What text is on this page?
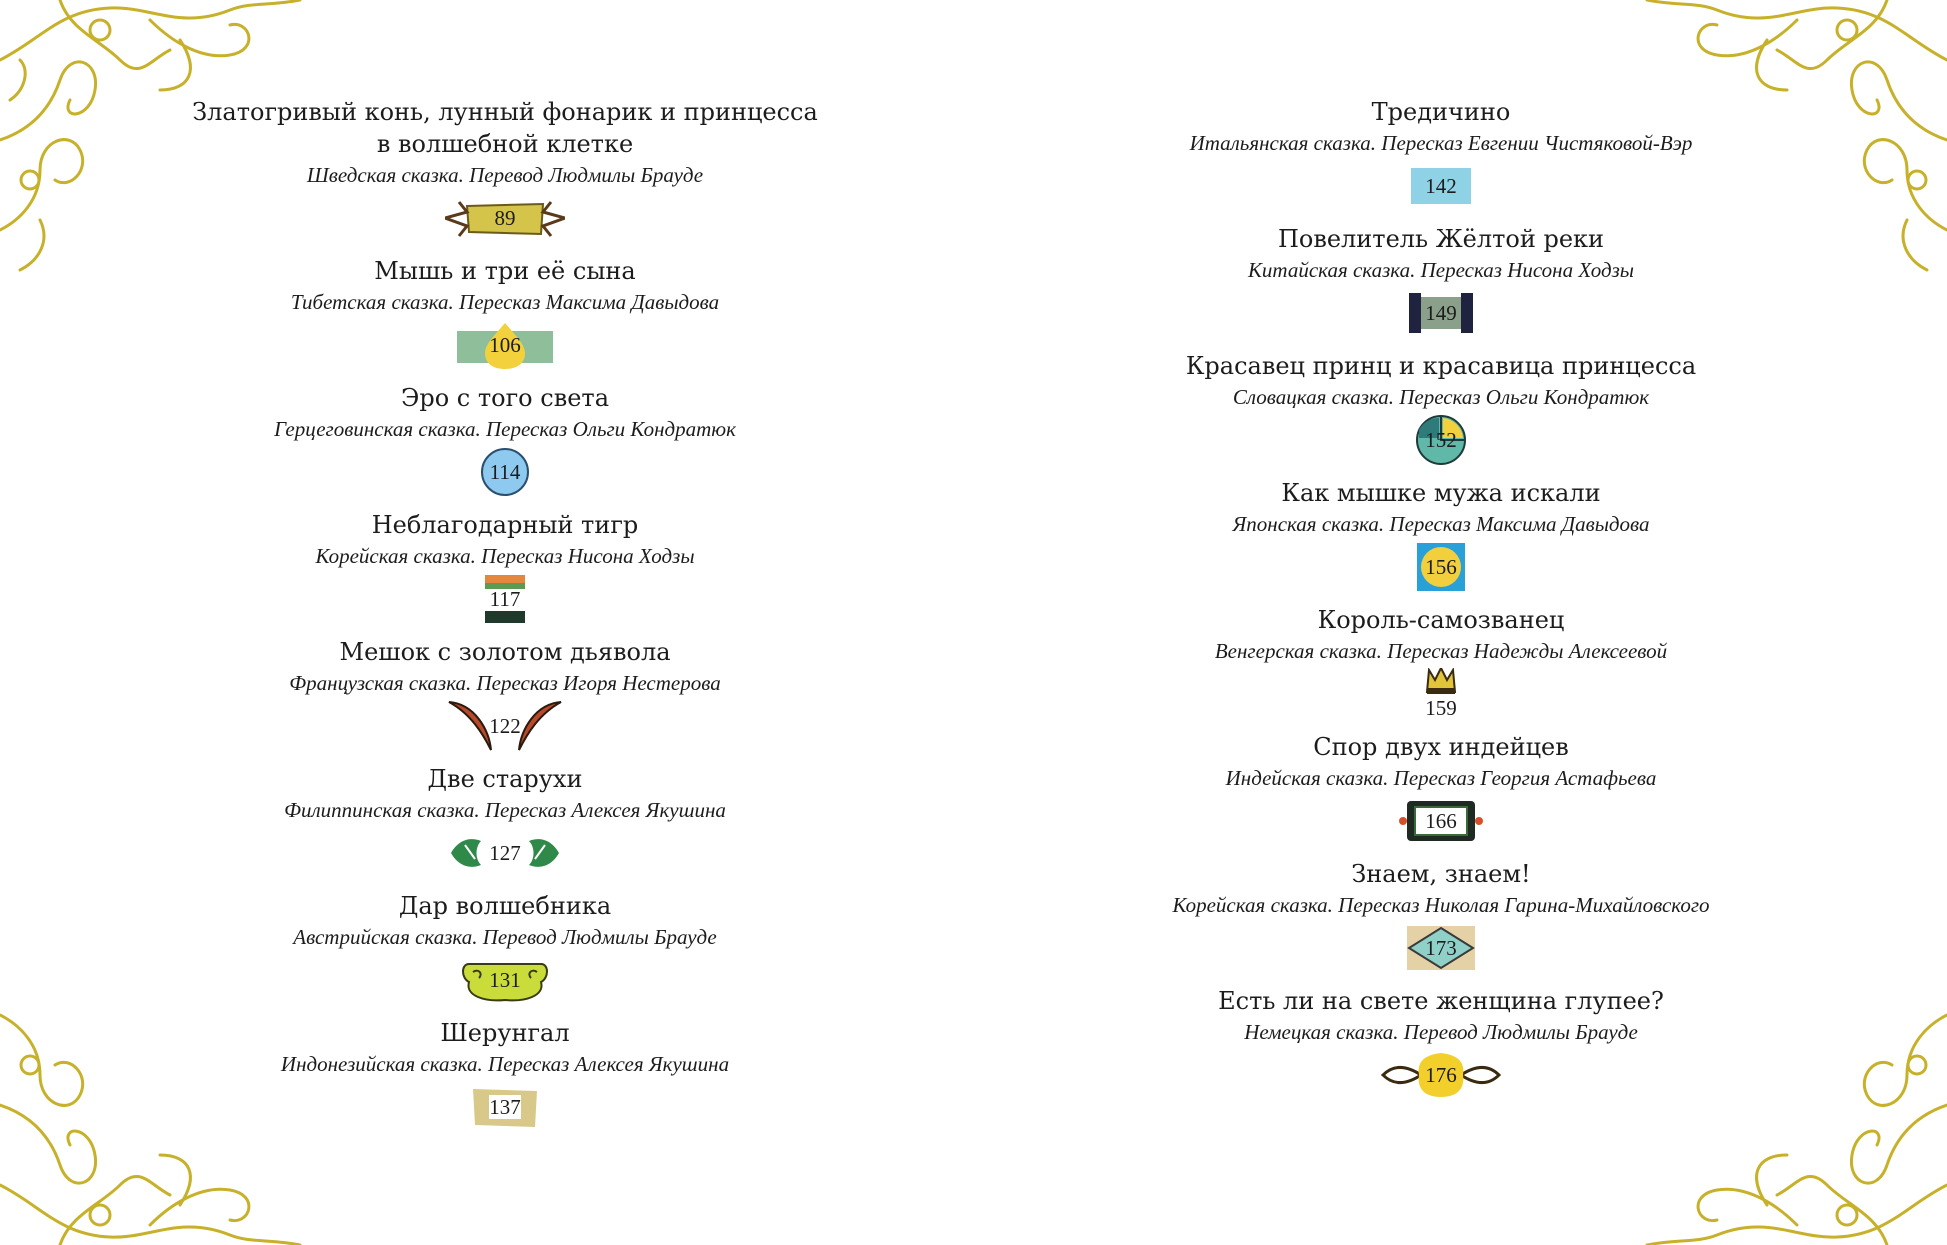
Златогривый конь, лунный фонарик и принцесса
в волшебной клетке
Шведская сказка. Перевод Людмилы Брауде
89
Мышь и три её сына
Тибетская сказка. Пересказ Максима Давыдова
106
Эро с того света
Герцеговинская сказка. Пересказ Ольги Кондратюк
114
Неблагодарный тигр
Корейская сказка. Пересказ Нисона Ходзы
117
Мешок с золотом дьявола
Французская сказка. Пересказ Игоря Нестерова
122
Две старухи
Филиппинская сказка. Пересказ Алексея Якушина
127
Дар волшебника
Австрийская сказка. Перевод Людмилы Брауде
131
Шерунгал
Индонезийская сказка. Пересказ Алексея Якушина
137
Тредичино
Итальянская сказка. Пересказ Евгении Чистяковой-Вэр
142
Повелитель Жёлтой реки
Китайская сказка. Пересказ Нисона Ходзы
149
Красавец принц и красавица принцесса
Словацкая сказка. Пересказ Ольги Кондратюк
152
Как мышке мужа искали
Японская сказка. Пересказ Максима Давыдова
156
Король-самозванец
Венгерская сказка. Пересказ Надежды Алексеевой
159
Спор двух индейцев
Индейская сказка. Пересказ Георгия Астафьева
166
Знаем, знаем!
Корейская сказка. Пересказ Николая Гарина-Михайловского
173
Есть ли на свете женщина глупее?
Немецкая сказка. Перевод Людмилы Брауде
176
